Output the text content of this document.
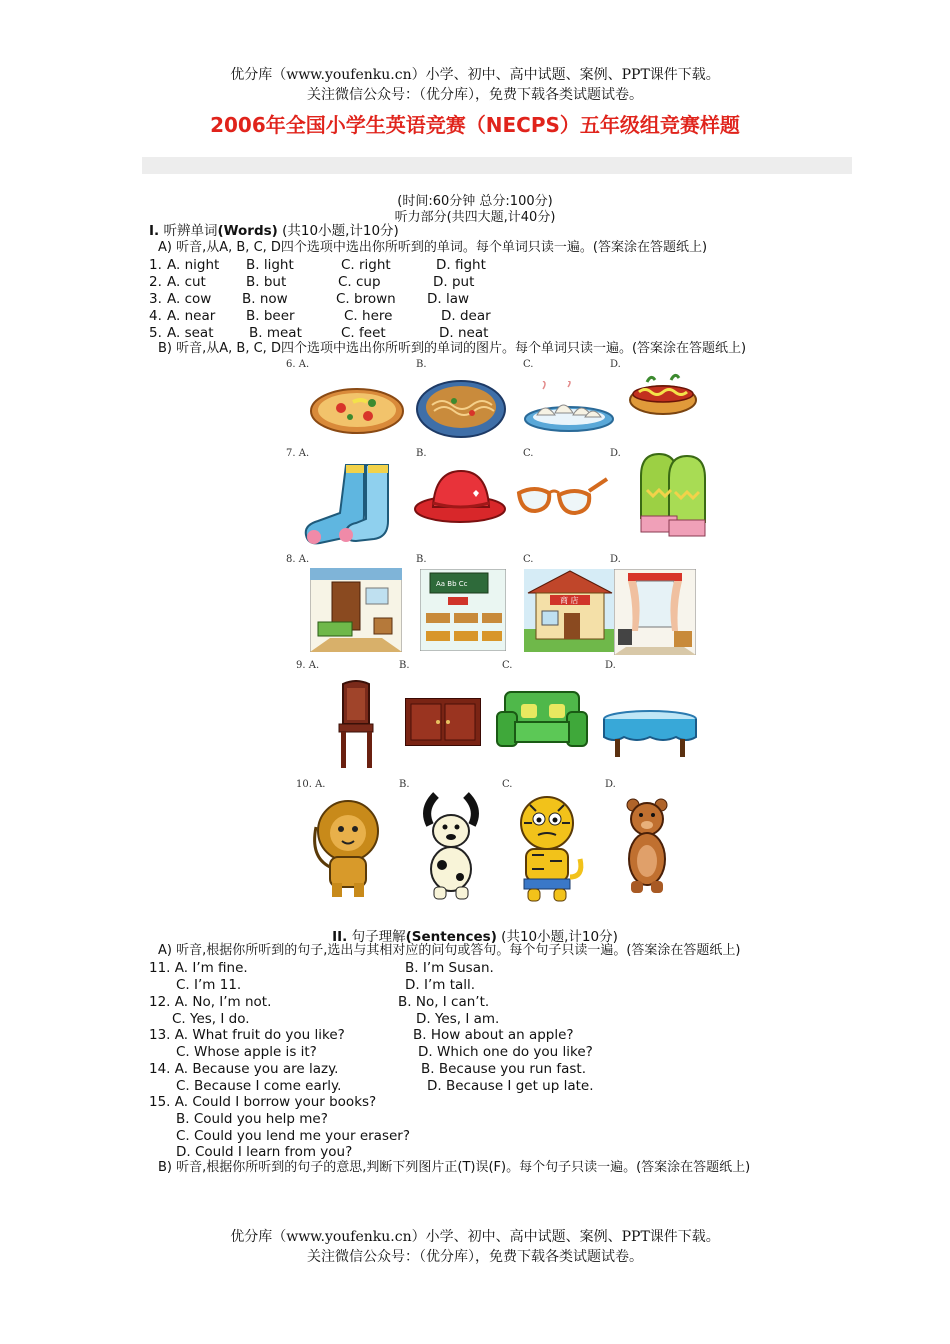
优分库（www.youfenku.cn）小学、初中、高中试题、案例、PPT课件下载。
关注微信公众号：（优分库），免费下载各类试题试卷。
2006年全国小学生英语竞赛（NECPS）五年级组竞赛样题
(时间:60分钟 总分:100分)
听力部分(共四大题,计40分)
I. 听辨单词(Words) (共10小题,计10分)
A) 听音,从A, B, C, D四个选项中选出你所听到的单词。每个单词只读一遍。(答案涂在答题纸上)
1. A. night B. light	C. right	D. fight
2. A. cut	B. but	C. cup	D. put
3. A. cow B. now	C. brown D. law
4. A. near B. beer	C. here	D. dear
5. A. seat	B. meat	C. feet	D. neat
B) 听音,从A, B, C, D四个选项中选出你所听到的单词的图片。每个单词只读一遍。(答案涂在答题纸上)
6. A.	B.	C.	D.
7. A.	B.	C.	D.
8. A.	B.	C.	D.
9. A.	B.	C.	D.
10. A.	B.	C.	D.
Aa Bb Cc
商 店
II. 句子理解(Sentences) (共10小题,计10分)
A) 听音,根据你所听到的句子,选出与其相对应的问句或答句。每个句子只读一遍。(答案涂在答题纸上)
11. A. I’m fine.	B. I’m Susan.
C. I’m 11.	D. I’m tall.
12. A. No, I’m not.	B. No, I can’t.
C. Yes, I do.	D. Yes, I am.
13. A. What fruit do you like?	B. How about an apple?
C. Whose apple is it?	D. Which one do you like?
14. A. Because you are lazy.	B. Because you run fast.
C. Because I come early.	D. Because I get up late.
15. A. Could I borrow your books?
B. Could you help me?
C. Could you lend me your eraser?
D. Could I learn from you?
B) 听音,根据你所听到的句子的意思,判断下列图片正(T)误(F)。每个句子只读一遍。(答案涂在答题纸上)
优分库（www.youfenku.cn）小学、初中、高中试题、案例、PPT课件下载。
关注微信公众号：（优分库），免费下载各类试题试卷。
